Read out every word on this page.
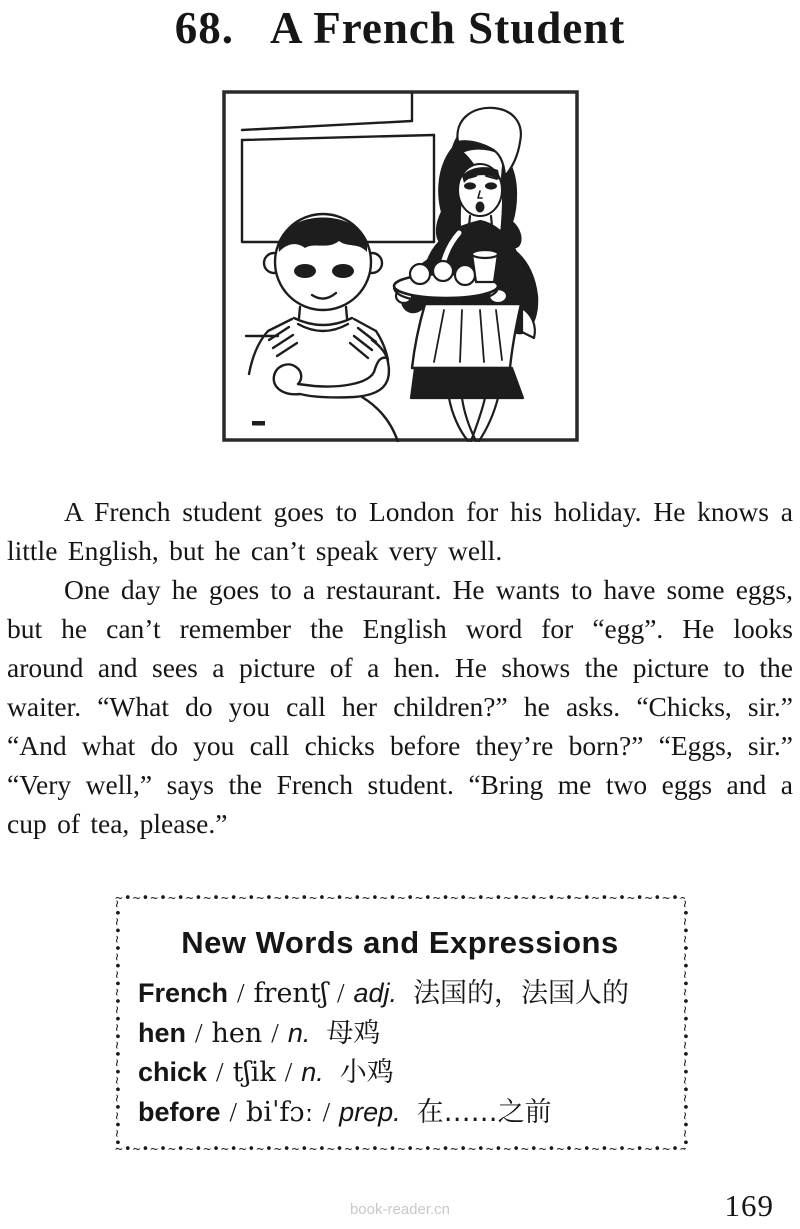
68. A French Student

A French student goes to London for his holiday. He knows a little English, but he can’t speak very well.

One day he goes to a restaurant. He wants to have some eggs, but he can’t remember the English word for “egg”. He looks around and sees a picture of a hen. He shows the picture to the waiter. “What do you call her children?” he asks. “Chicks, sir.” “And what do you call chicks before they’re born?” “Eggs, sir.” “Very well,” says the French student. “Bring me two eggs and a cup of tea, please.”

~•~•~
~•~•~
~•~•~
~•~•~
New Words and Expressions
French / frentʃ / adj. 法国的，法国人的
hen / hen / n. 母鸡
chick / tʃik / n. 小鸡
before / biˈfɔː / prep. 在……之前
169
book-reader.cn
